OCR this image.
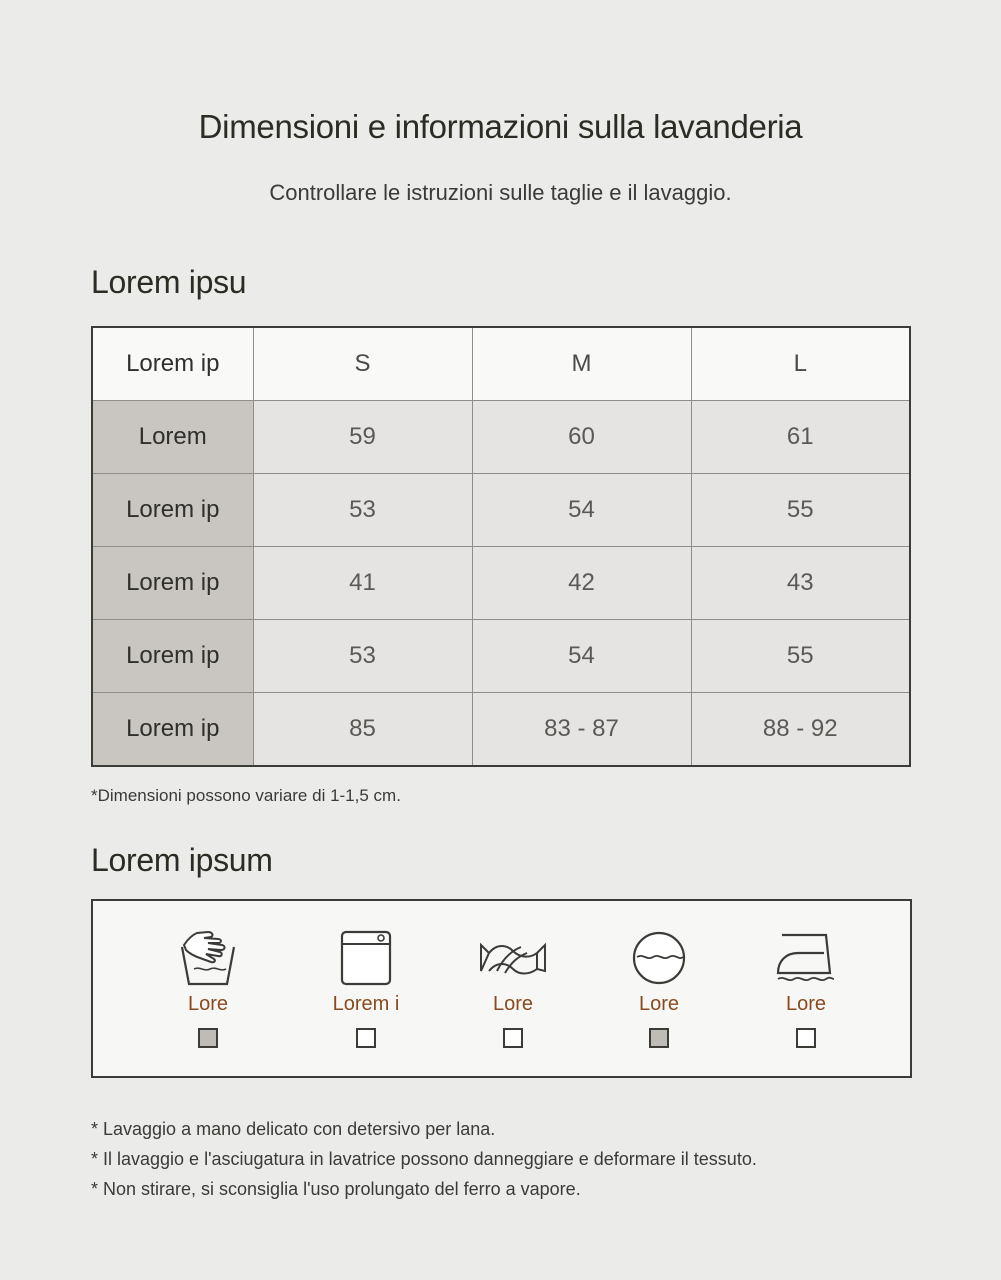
Dimensioni e informazioni sulla lavanderia
Controllare le istruzioni sulle taglie e il lavaggio.
Lorem ipsu
Lorem ip	S	M	L
Lorem	59	60	61
Lorem ip	53	54	55
Lorem ip	41	42	43
Lorem ip	53	54	55
Lorem ip	85	83 - 87	88 - 92
*Dimensioni possono variare di 1-1,5 cm.
Lorem ipsum
Lore	Lorem i	Lore	Lore	Lore
* Lavaggio a mano delicato con detersivo per lana.
* Il lavaggio e l'asciugatura in lavatrice possono danneggiare e deformare il tessuto.
* Non stirare, si sconsiglia l'uso prolungato del ferro a vapore.
